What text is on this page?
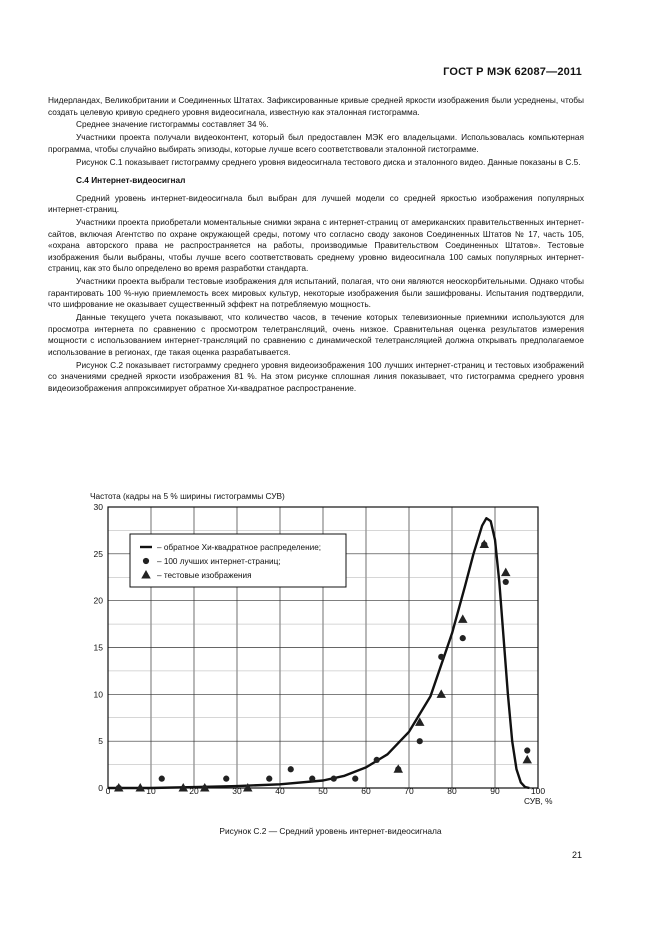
ГОСТ Р МЭК 62087—2011

Нидерландах, Великобритании и Соединенных Штатах. Зафиксированные кривые средней яркости изображения были усреднены, чтобы создать целевую кривую среднего уровня видеосигнала, известную как эталонная гистограмма.

Среднее значение гистограммы составляет 34 %.

Участники проекта получали видеоконтент, который был предоставлен МЭК его владельцами. Использовалась компьютерная программа, чтобы случайно выбирать эпизоды, которые лучше всего соответствовали эталонной гистограмме.

Рисунок С.1 показывает гистограмму среднего уровня видеосигнала тестового диска и эталонного видео. Данные показаны в С.5.

С.4 Интернет-видеосигнал

Средний уровень интернет-видеосигнала был выбран для лучшей модели со средней яркостью изображения популярных интернет-страниц.

Участники проекта приобретали моментальные снимки экрана с интернет-страниц от американских правительственных интернет-сайтов, включая Агентство по охране окружающей среды, потому что согласно своду законов Соединенных Штатов № 17, часть 105, «охрана авторского права не распространяется на работы, производимые Правительством Соединенных Штатов». Тестовые изображения были выбраны, чтобы лучше всего соответствовать среднему уровню видеосигнала 100 самых популярных интернет-страниц, как это было определено во время разработки стандарта.

Участники проекта выбрали тестовые изображения для испытаний, полагая, что они являются неоскорбительными. Однако чтобы гарантировать 100 %-ную приемлемость всех мировых культур, некоторые изображения были зашифрованы. Испытания подтвердили, что шифрование не оказывает существенный эффект на потребляемую мощность.

Данные текущего учета показывают, что количество часов, в течение которых телевизионные приемники используются для просмотра интернета по сравнению с просмотром телетрансляций, очень низкое. Сравнительная оценка результатов измерения мощности с использованием интернет-трансляций по сравнению с динамической телетрансляцией должна открывать предполагаемое использование в регионах, где такая оценка разрабатывается.

Рисунок С.2 показывает гистограмму среднего уровня видеоизображения 100 лучших интернет-страниц и тестовых изображений со значениями средней яркости изображения 81 %. На этом рисунке сплошная линия показывает, что гистограмма среднего уровня видеоизображения аппроксимирует обратное Хи-квадратное распространение.

Частота (кадры на 5 % ширины гистограммы СУВ)
0
5
10
15
20
25
30
0	10	20	30	40	50	60	70	80	90	100
СУВ, %
– обратное Хи-квадратное распределение;
– 100 лучших интернет-страниц;
– тестовые изображения
Рисунок С.2 — Средний уровень интернет-видеосигнала
21
